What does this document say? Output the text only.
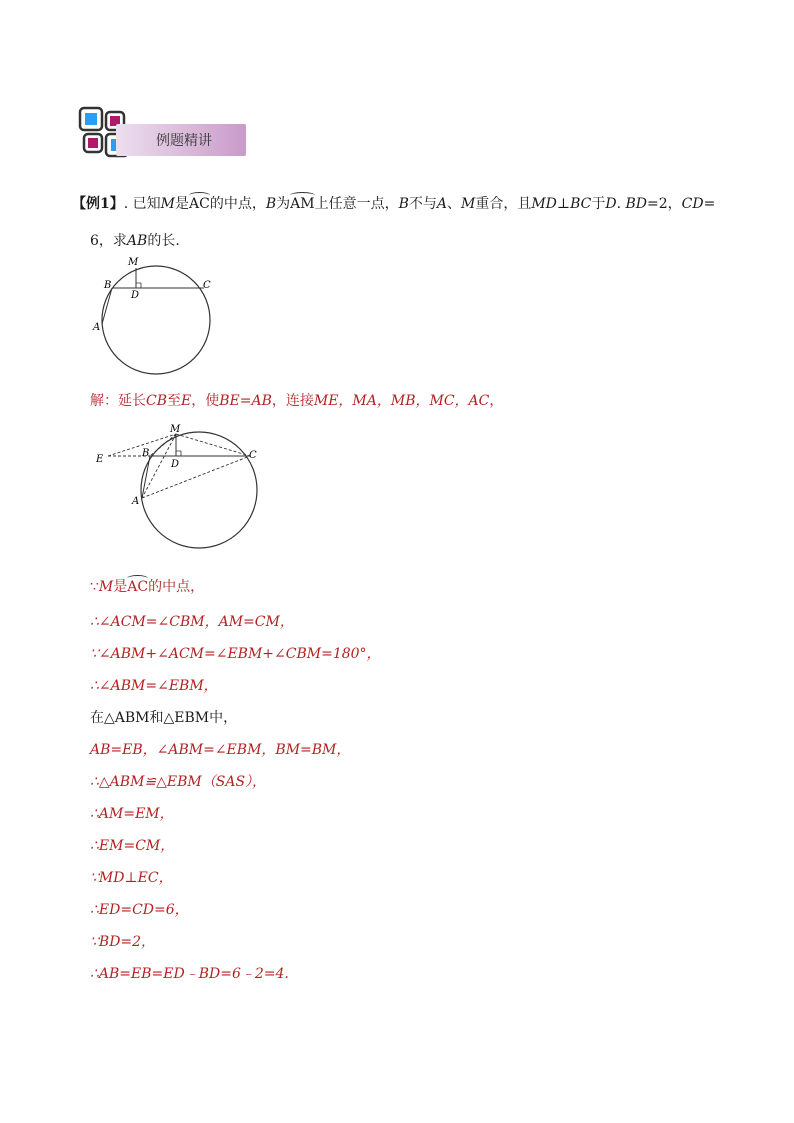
例题精讲
【例1】. 已知M是AC的中点，B为AM上任意一点，B不与A、M重合，且MD⊥BC于D. BD=2，CD=
6，求AB的长.
M
B
D
C
A
解：延长CB至E，使BE=AB，连接ME，MA，MB，MC，AC，
E
M
B
D
C
A
∵M是AC的中点，
∴∠ACM=∠CBM，AM=CM，
∵∠ABM+∠ACM=∠EBM+∠CBM=180°，
∴∠ABM=∠EBM，
在△ABM和△EBM中，
AB=EB，∠ABM=∠EBM，BM=BM，
∴△ABM≌△EBM（SAS），
∴AM=EM，
∴EM=CM，
∵MD⊥EC，
∴ED=CD=6，
∵BD=2，
∴AB=EB=ED﹣BD=6﹣2=4.
